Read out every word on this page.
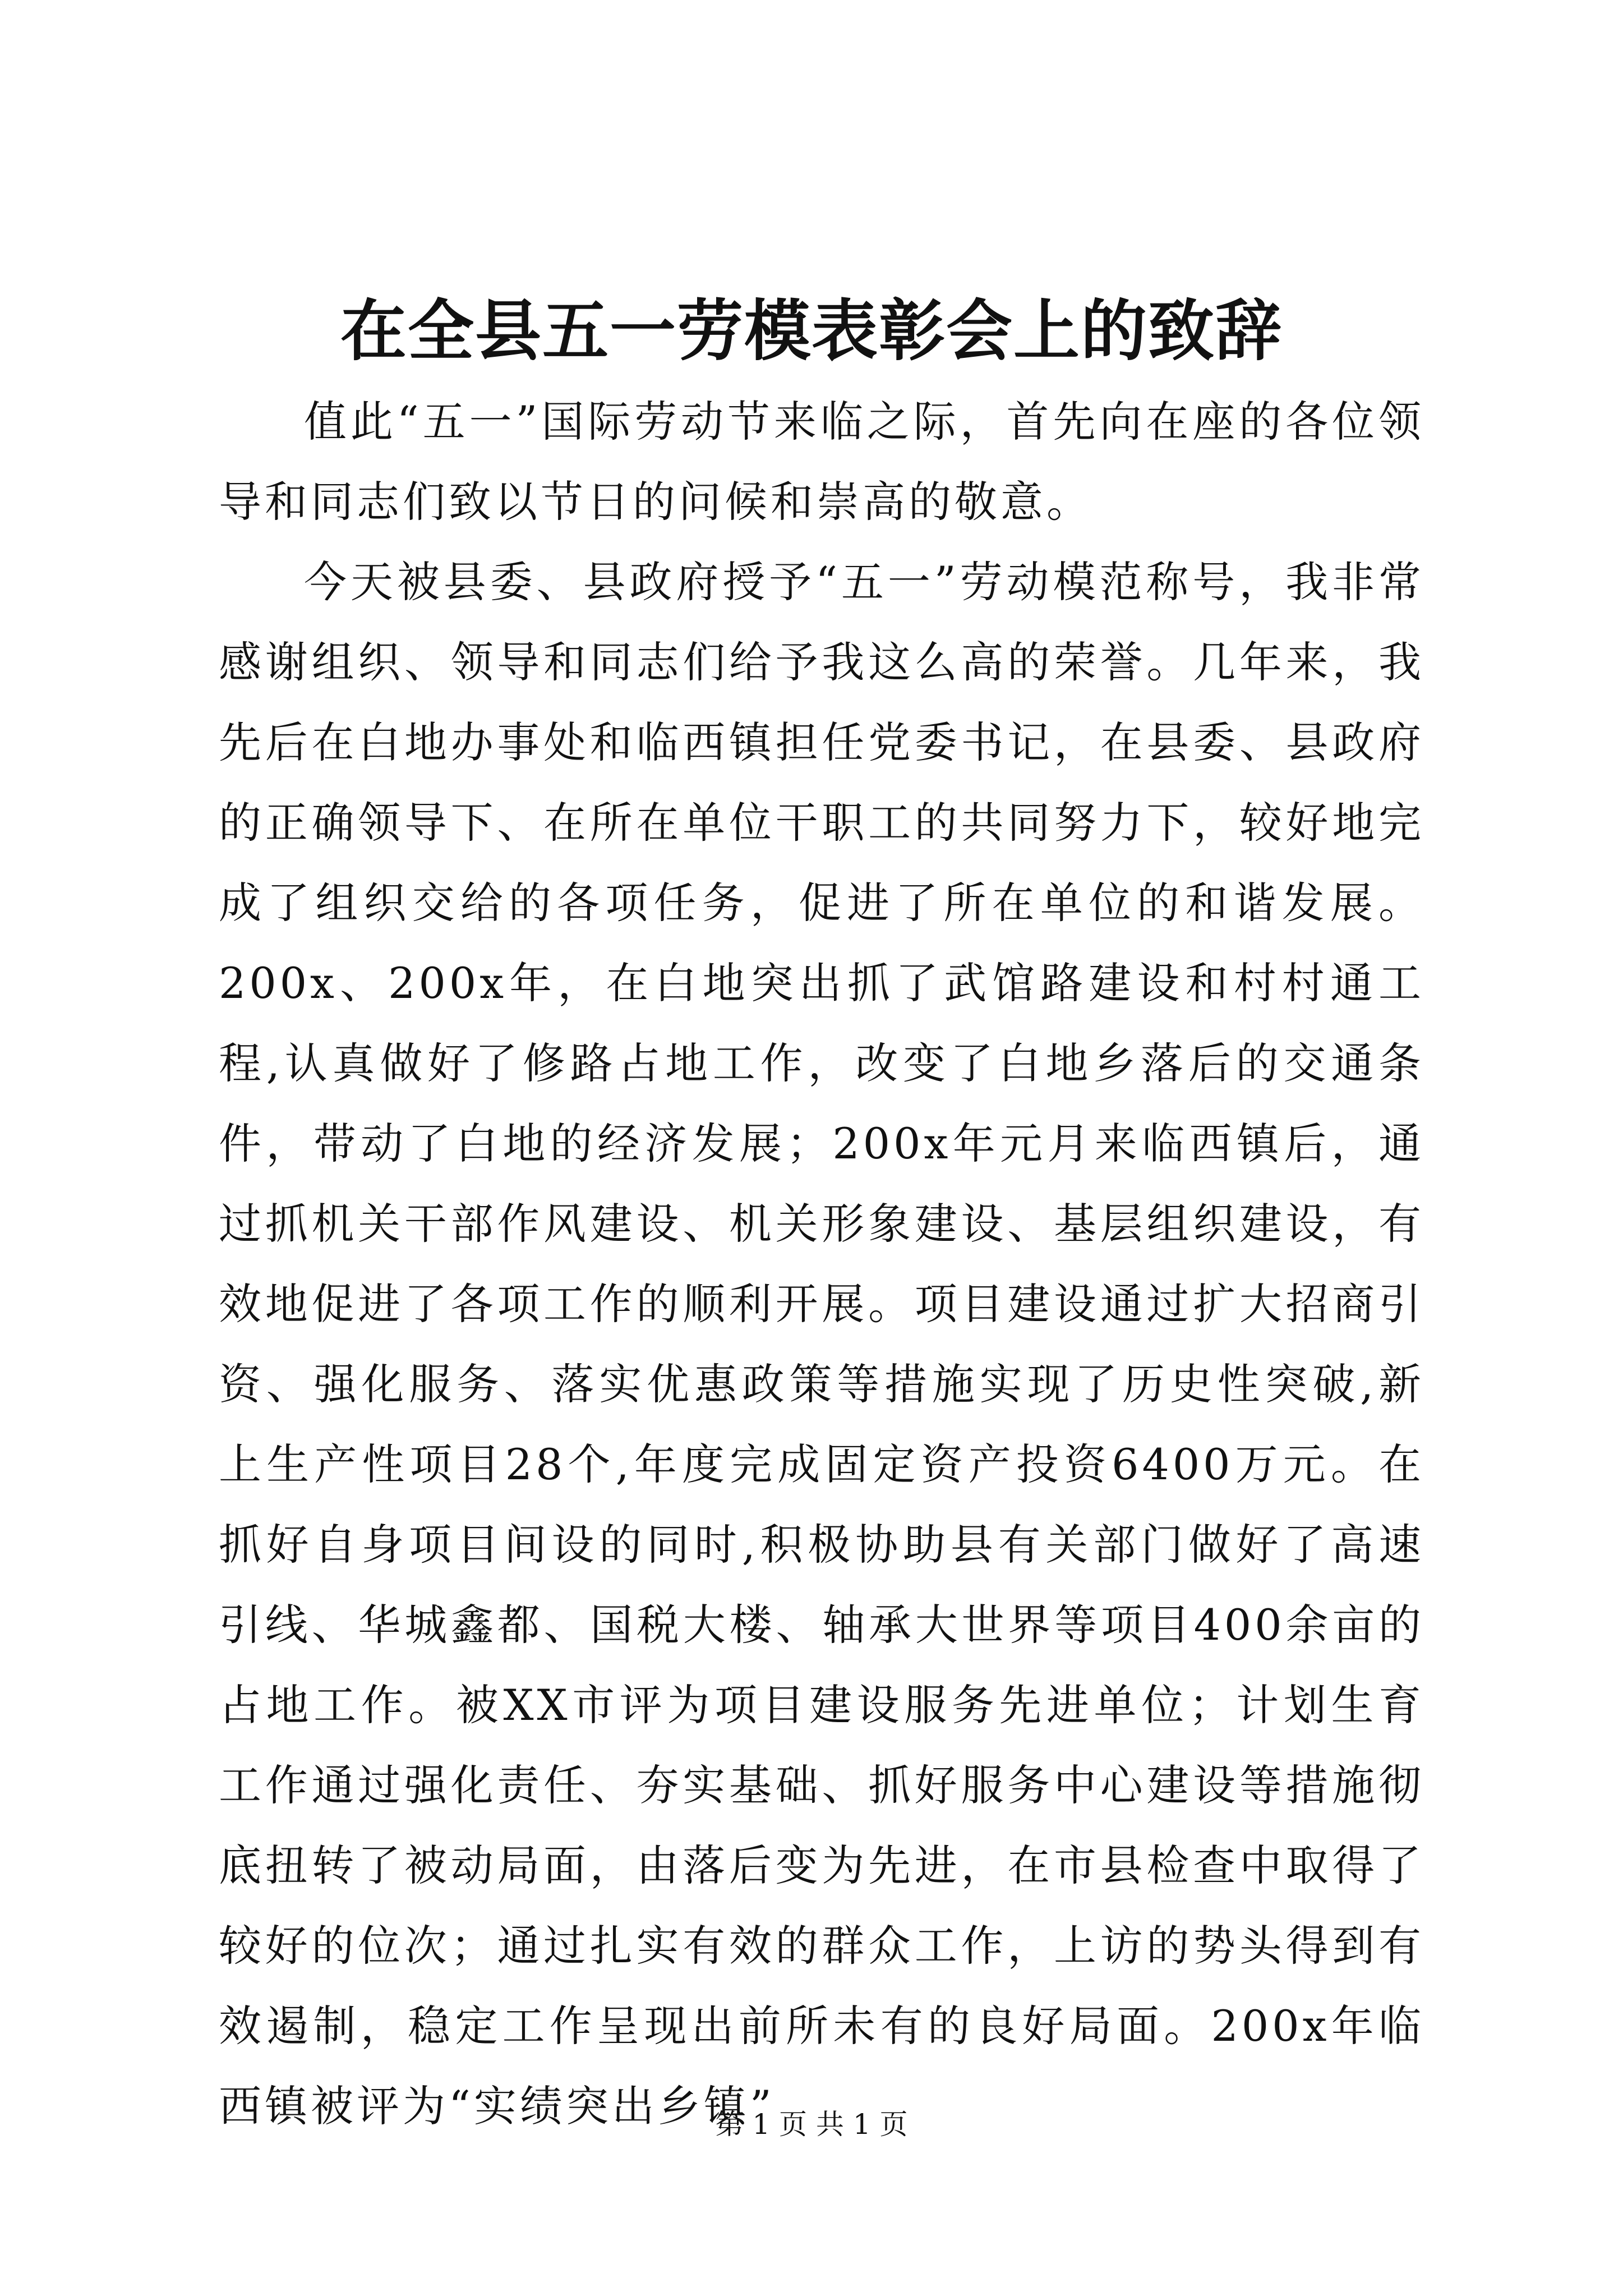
在全县五一劳模表彰会上的致辞

值此“五一”国际劳动节来临之际，首先向在座的各位领导和同志们致以节日的问候和崇高的敬意。

今天被县委、县政府授予“五一”劳动模范称号，我非常感谢组织、领导和同志们给予我这么高的荣誉。几年来，我先后在白地办事处和临西镇担任党委书记，在县委、县政府的正确领导下、在所在单位干职工的共同努力下，较好地完成了组织交给的各项任务，促进了所在单位的和谐发展。200x、200x年，在白地突出抓了武馆路建设和村村通工程,认真做好了修路占地工作，改变了白地乡落后的交通条件，带动了白地的经济发展；200x年元月来临西镇后，通过抓机关干部作风建设、机关形象建设、基层组织建设，有效地促进了各项工作的顺利开展。项目建设通过扩大招商引资、强化服务、落实优惠政策等措施实现了历史性突破,新上生产性项目28个,年度完成固定资产投资6400万元。在抓好自身项目间设的同时,积极协助县有关部门做好了高速引线、华城鑫都、国税大楼、轴承大世界等项目400余亩的占地工作。被XX市评为项目建设服务先进单位；计划生育工作通过强化责任、夯实基础、抓好服务中心建设等措施彻底扭转了被动局面，由落后变为先进，在市县检查中取得了较好的位次；通过扎实有效的群众工作，上访的势头得到有效遏制，稳定工作呈现出前所未有的良好局面。200x年临西镇被评为“实绩突出乡镇”

第 1 页 共 1 页
